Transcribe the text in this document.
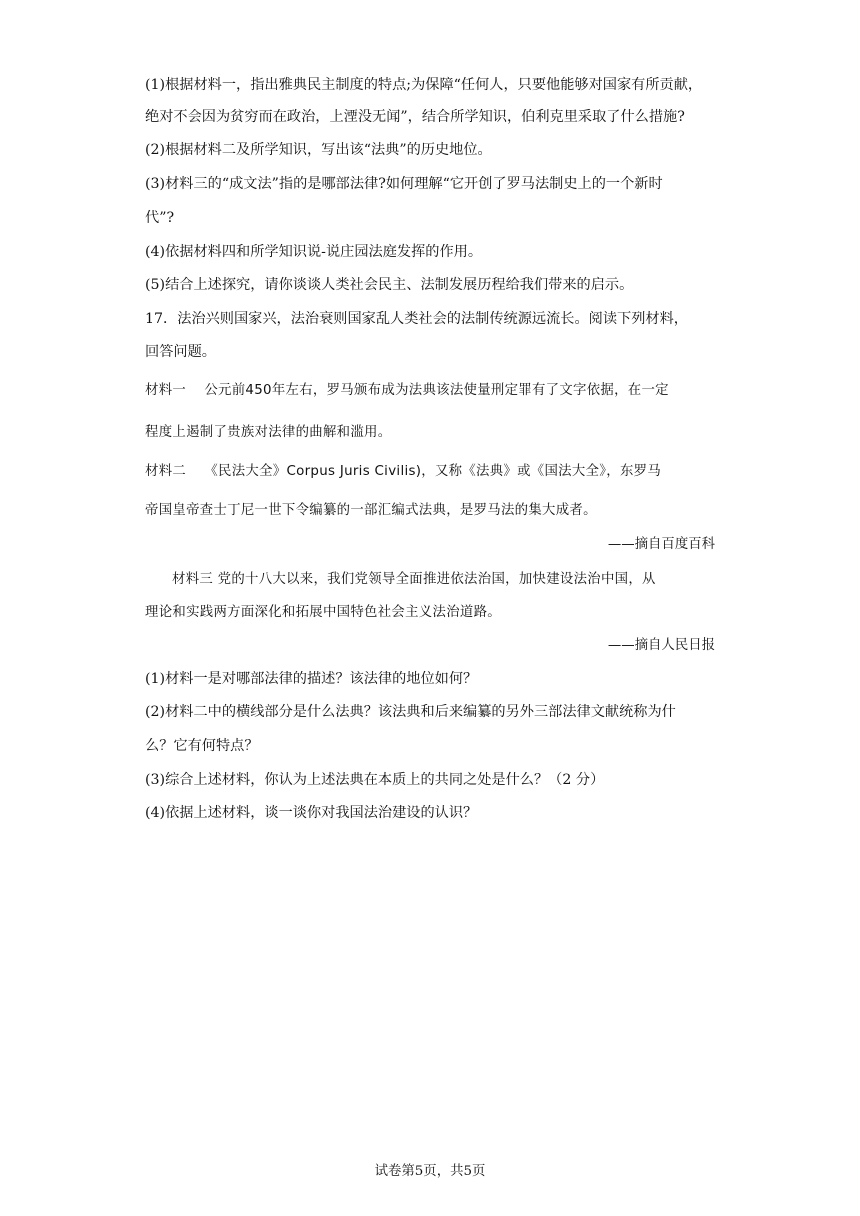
(1)根据材料一，指出雅典民主制度的特点;为保障“任何人，只要他能够对国家有所贡献，
绝对不会因为贫穷而在政治，上湮没无闻”，结合所学知识，伯利克里采取了什么措施?
(2)根据材料二及所学知识，写出该“法典”的历史地位。
(3)材料三的“成文法”指的是哪部法律?如何理解“它开创了罗马法制史上的一个新时
代”?
(4)依据材料四和所学知识说-说庄园法庭发挥的作用。
(5)结合上述探究，请你谈谈人类社会民主、法制发展历程给我们带来的启示。
17．法治兴则国家兴，法治衰则国家乱人类社会的法制传统源远流长。阅读下列材料，
回答问题。
材料一　 公元前450年左右，罗马颁布成为法典该法使量刑定罪有了文字依据，在一定
程度上遏制了贵族对法律的曲解和滥用。
材料二　 《民法大全》Corpus Juris Civilis)，又称《法典》或《国法大全》，东罗马
帝国皇帝查士丁尼一世下令编纂的一部汇编式法典，是罗马法的集大成者。
——摘自百度百科
材料三 党的十八大以来，我们党领导全面推进依法治国，加快建设法治中国，从
理论和实践两方面深化和拓展中国特色社会主义法治道路。
——摘自人民日报
(1)材料一是对哪部法律的描述？该法律的地位如何？
(2)材料二中的横线部分是什么法典？该法典和后来编纂的另外三部法律文献统称为什
么？它有何特点？
(3)综合上述材料，你认为上述法典在本质上的共同之处是什么？（2 分）
(4)依据上述材料，谈一谈你对我国法治建设的认识？
试卷第5页，共5页
